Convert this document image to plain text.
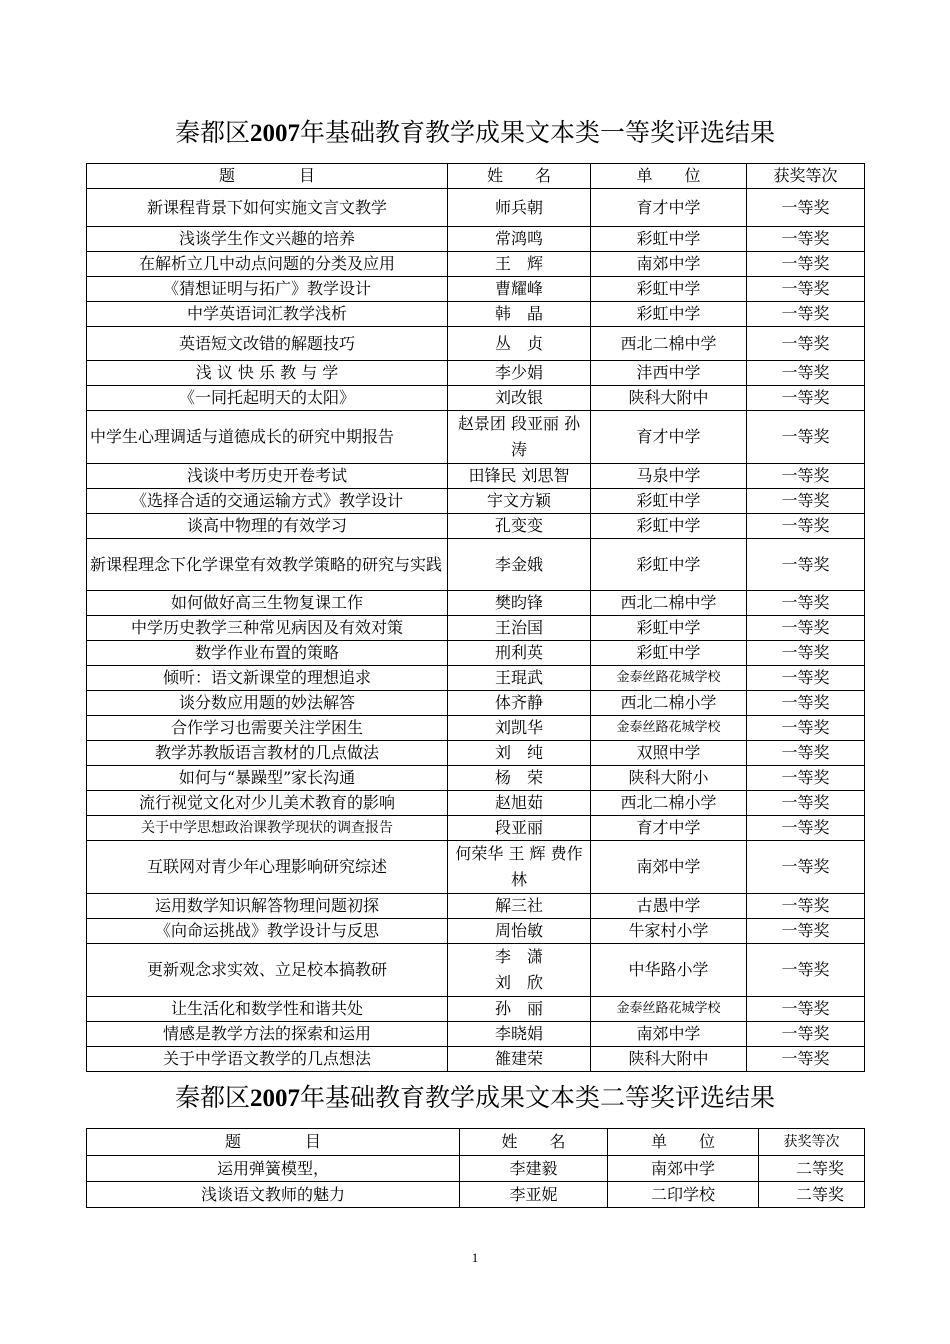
秦都区2007年基础教育教学成果文本类一等奖评选结果
题　　　　目	姓　　名	单　　位	获奖等次
新课程背景下如何实施文言文教学	师兵朝	育才中学	一等奖
浅谈学生作文兴趣的培养	常鸿鸣	彩虹中学	一等奖
在解析立几中动点问题的分类及应用	王　辉	南郊中学	一等奖
《猜想证明与拓广》教学设计	曹耀峰	彩虹中学	一等奖
中学英语词汇教学浅析	韩　晶	彩虹中学	一等奖
英语短文改错的解题技巧	丛　贞	西北二棉中学	一等奖
浅 议 快 乐 教 与 学	李少娟	沣西中学	一等奖
《一同托起明天的太阳》	刘改银	陕科大附中	一等奖
中学生心理调适与道德成长的研究中期报告	赵景团 段亚丽 孙 涛	育才中学	一等奖
浅谈中考历史开卷考试	田锋民 刘思智	马泉中学	一等奖
《选择合适的交通运输方式》教学设计	宇文方颖	彩虹中学	一等奖
谈高中物理的有效学习	孔变变	彩虹中学	一等奖
新课程理念下化学课堂有效教学策略的研究与实践	李金娥	彩虹中学	一等奖
如何做好高三生物复课工作	樊昀锋	西北二棉中学	一等奖
中学历史教学三种常见病因及有效对策	王治国	彩虹中学	一等奖
数学作业布置的策略	刑利英	彩虹中学	一等奖
倾听：语文新课堂的理想追求	王琨武	金泰丝路花城学校	一等奖
谈分数应用题的妙法解答	体齐静	西北二棉小学	一等奖
合作学习也需要关注学困生	刘凯华	金泰丝路花城学校	一等奖
教学苏教版语言教材的几点做法	刘　纯	双照中学	一等奖
如何与“暴躁型”家长沟通	杨　荣	陕科大附小	一等奖
流行视觉文化对少儿美术教育的影响	赵旭茹	西北二棉小学	一等奖
关于中学思想政治课教学现状的调查报告	段亚丽	育才中学	一等奖
互联网对青少年心理影响研究综述	何荣华 王 辉 费作林	南郊中学	一等奖
运用数学知识解答物理问题初探	解三社	古愚中学	一等奖
《向命运挑战》教学设计与反思	周怡敏	牛家村小学	一等奖
更新观念求实效、立足校本搞教研	李　潇 刘　欣	中华路小学	一等奖
让生活化和数学性和谐共处	孙　丽	金泰丝路花城学校	一等奖
情感是教学方法的探索和运用	李晓娟	南郊中学	一等奖
关于中学语文教学的几点想法	雒建荣	陕科大附中	一等奖
秦都区2007年基础教育教学成果文本类二等奖评选结果
题　　　　目	姓　　名	单　　位	获奖等次
运用弹簧模型，	李建毅	南郊中学	二等奖
浅谈语文教师的魅力	李亚妮	二印学校	二等奖
1
